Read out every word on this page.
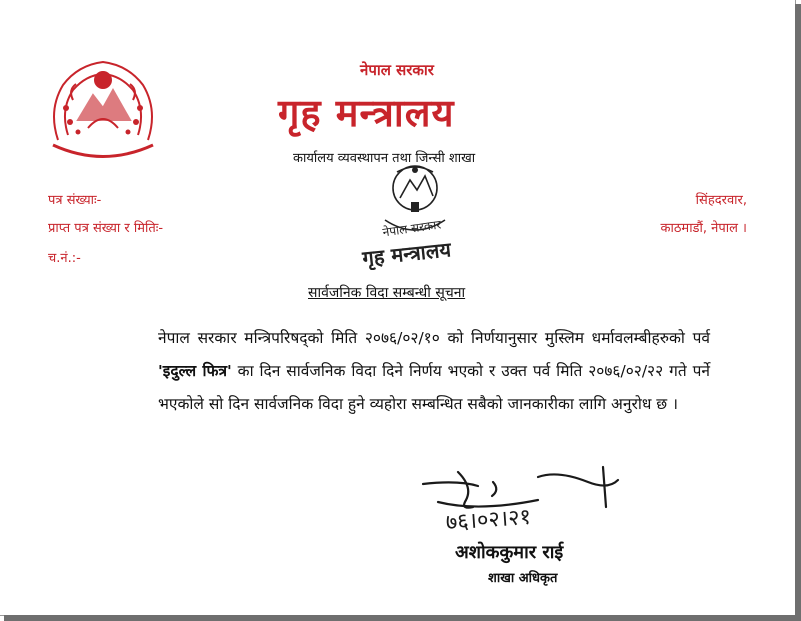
नेपाल सरकार
गृह मन्त्रालय
कार्यालय व्यवस्थापन तथा जिन्सी शाखा
पत्र संख्याः-
प्राप्त पत्र संख्या र मितिः-
च.नं.:-
सिंहदरवार,
काठमाडौं, नेपाल ।
नेपाल सरकार
गृह मन्त्रालय
सार्वजनिक विदा सम्बन्धी सूचना
नेपाल सरकार मन्त्रिपरिषद्को मिति २०७६/०२/१० को निर्णयानुसार मुस्लिम धर्मावलम्बीहरुको पर्व 'इदुल्ल फित्र' का दिन सार्वजनिक विदा दिने निर्णय भएको र उक्त पर्व मिति २०७६/०२/२२ गते पर्ने भएकोले सो दिन सार्वजनिक विदा हुने व्यहोरा सम्बन्धित सबैको जानकारीका लागि अनुरोध छ ।
७६।०२।२१
अशोककुमार राई
शाखा अधिकृत
